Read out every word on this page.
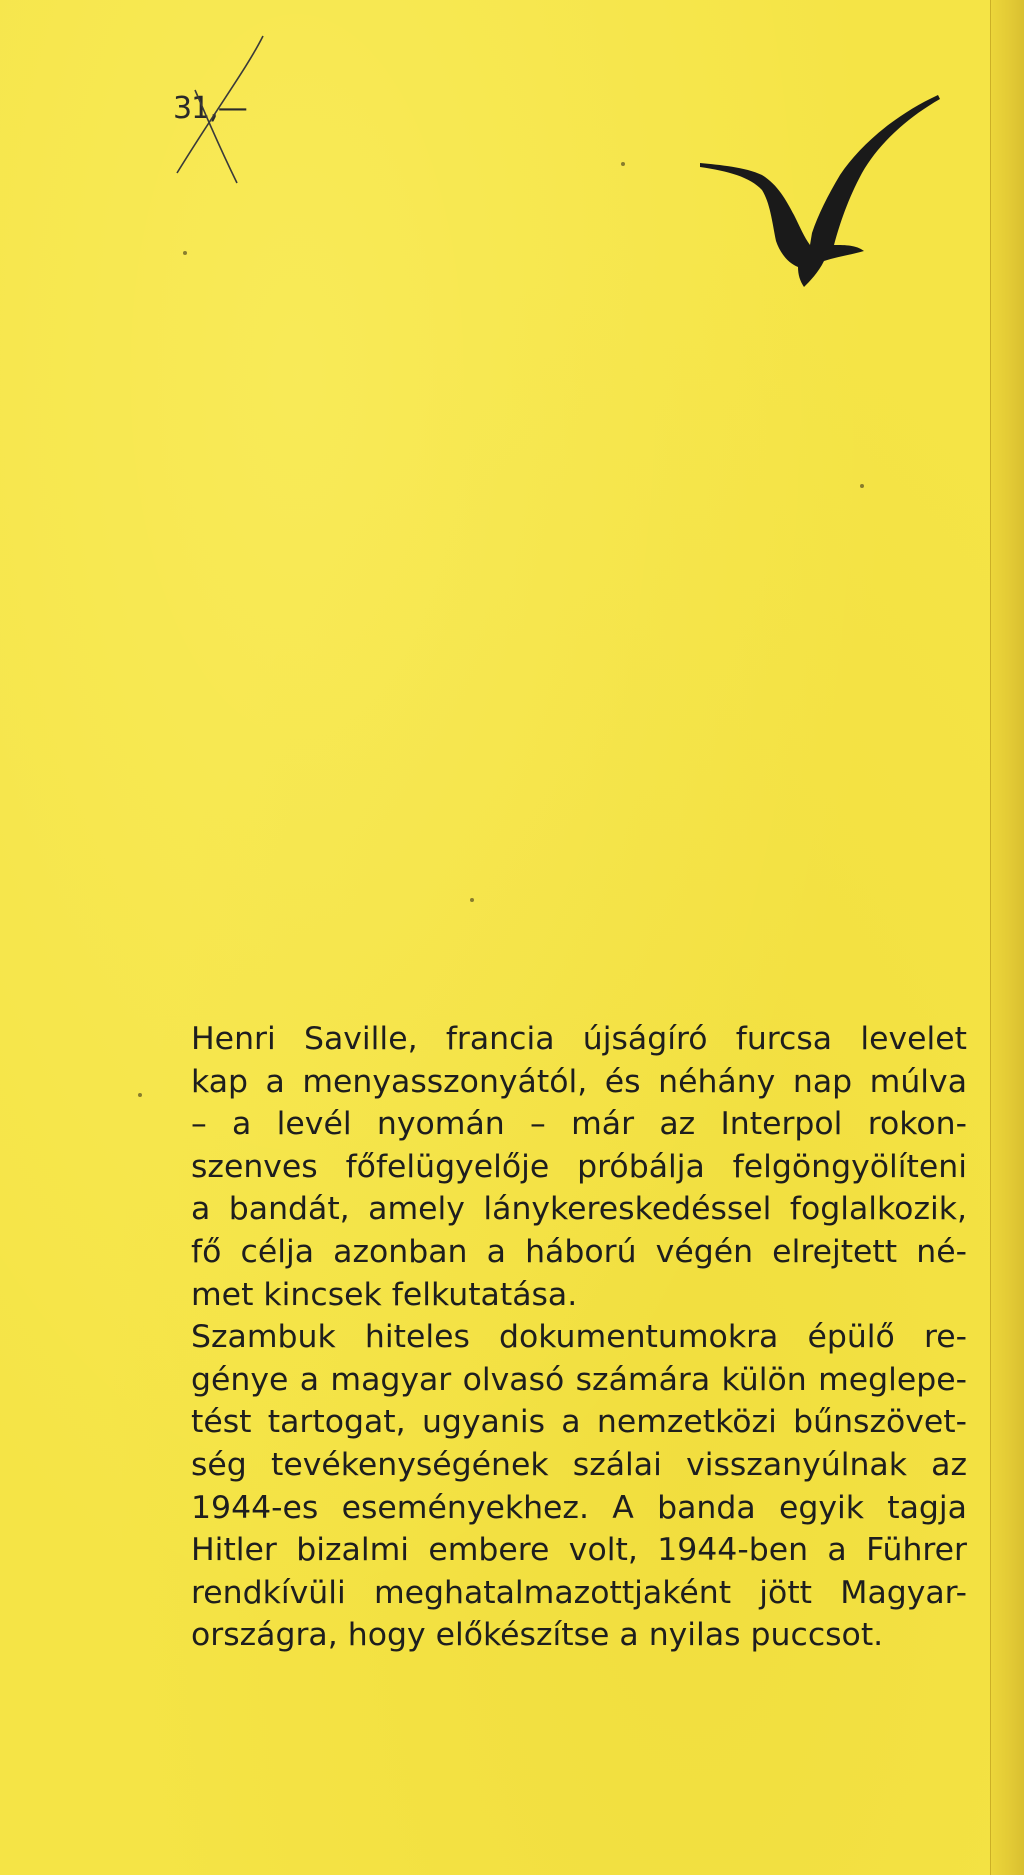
31,—
Henri Saville, francia újságíró furcsa levelet
kap a menyasszonyától, és néhány nap múlva
– a levél nyomán – már az Interpol rokon-
szenves főfelügyelője próbálja felgöngyölíteni
a bandát, amely lánykereskedéssel foglalkozik,
fő célja azonban a háború végén elrejtett né-
met kincsek felkutatása.
Szambuk hiteles dokumentumokra épülő re-
génye a magyar olvasó számára külön meglepe-
tést tartogat, ugyanis a nemzetközi bűnszövet-
ség tevékenységének szálai visszanyúlnak az
1944-es eseményekhez. A banda egyik tagja
Hitler bizalmi embere volt, 1944-ben a Führer
rendkívüli meghatalmazottjaként jött Magyar-
országra, hogy előkészítse a nyilas puccsot.
